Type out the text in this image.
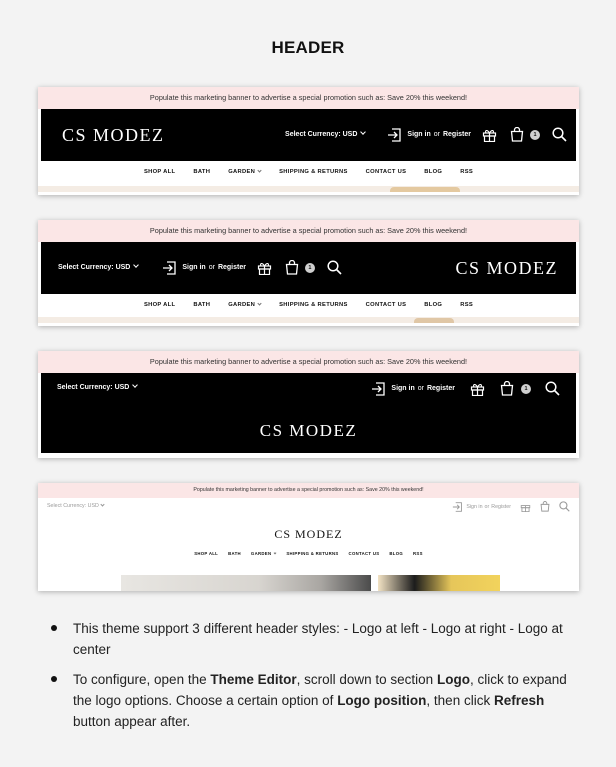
HEADER
Populate this marketing banner to advertise a special promotion such as: Save 20% this weekend!
CS MODEZ	Select Currency: USD	Sign in or Register	1
SHOP ALL	BATH	GARDEN	SHIPPING & RETURNS	CONTACT US	BLOG	RSS
Populate this marketing banner to advertise a special promotion such as: Save 20% this weekend!
Select Currency: USD	Sign in or Register	1	CS MODEZ
SHOP ALL	BATH	GARDEN	SHIPPING & RETURNS	CONTACT US	BLOG	RSS
Populate this marketing banner to advertise a special promotion such as: Save 20% this weekend!
Select Currency: USD	Sign in or Register	1
CS MODEZ
Populate this marketing banner to advertise a special promotion such as: Save 20% this weekend!
Select Currency: USD	Sign in or Register
CS MODEZ
SHOP ALL BATH GARDEN	SHIPPING & RETURNS CONTACT US BLOG RSS
This theme support 3 different header styles: - Logo at left - Logo at right - Logo at center
To configure, open the Theme Editor, scroll down to section Logo, click to expand the logo options. Choose a certain option of Logo position, then click Refresh button appear after.
